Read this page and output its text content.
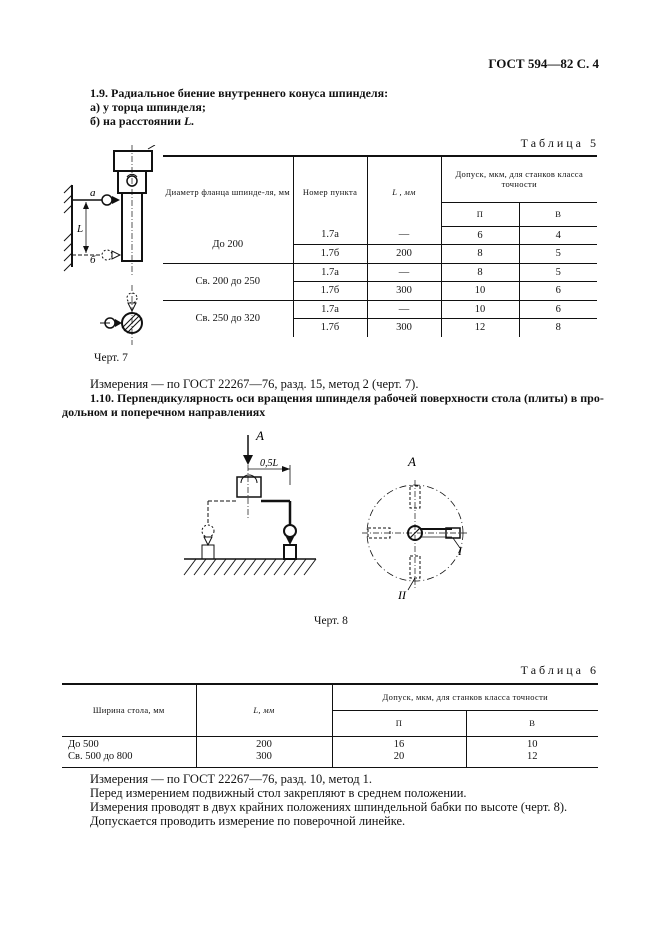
ГОСТ 594—82 С. 4
1.9. Радиальное биение внутреннего конуса шпинделя:
а) у торца шпинделя;
б) на расстоянии L.
Таблица 5
а
б
L
Диаметр фланца шпинде-ля, мм	Номер пункта	L , мм	Допуск, мкм, для станков класса точности	
			П	В
До 200	1.7а	—	6	4
	1.7б	200	8	5
Св. 200 до 250	1.7а	—	8	5
	1.7б	300	10	6
Св. 250 до 320	1.7а	—	10	6
	1.7б	300	12	8
Черт. 7
Измерения — по ГОСТ 22267—76, разд. 15, метод 2 (черт. 7).
1.10. Перпендикулярность оси вращения шпинделя рабочей поверхности стола (плиты) в про-
дольном и поперечном направлениях
A
0,5L	A
I
II
Черт. 8
Таблица 6
Ширина стола, мм	L, мм	Допуск, мкм, для станков класса точности	
		П	В
До 500	200	16	10
Св. 500 до 800	300	20	12
Измерения — по ГОСТ 22267—76, разд. 10, метод 1.
Перед измерением подвижный стол закрепляют в среднем положении.
Измерения проводят в двух крайних положениях шпиндельной бабки по высоте (черт. 8).
Допускается проводить измерение по поверочной линейке.
